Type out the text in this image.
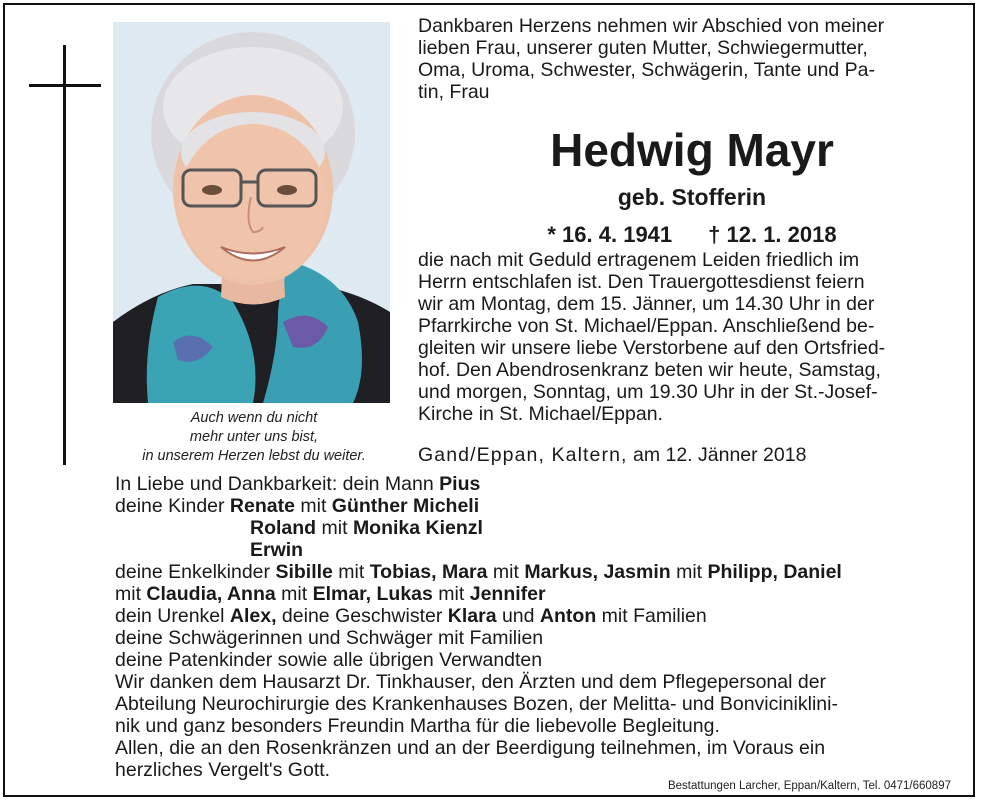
Auch wenn du nicht
mehr unter uns bist,
in unserem Herzen lebst du weiter.
Dankbaren Herzens nehmen wir Abschied von meiner
lieben Frau, unserer guten Mutter, Schwiegermutter,
Oma, Uroma, Schwester, Schwägerin, Tante und Pa-
tin, Frau
Hedwig Mayr
geb. Stofferin
* 16. 4. 1941 † 12. 1. 2018
die nach mit Geduld ertragenem Leiden friedlich im
Herrn entschlafen ist. Den Trauergottesdienst feiern
wir am Montag, dem 15. Jänner, um 14.30 Uhr in der
Pfarrkirche von St. Michael/Eppan. Anschließend be-
gleiten wir unsere liebe Verstorbene auf den Ortsfried-
hof. Den Abendrosenkranz beten wir heute, Samstag,
und morgen, Sonntag, um 19.30 Uhr in der St.-Josef-
Kirche in St. Michael/Eppan.
Gand/Eppan, Kaltern, am 12. Jänner 2018
In Liebe und Dankbarkeit: dein Mann Pius
deine Kinder Renate mit Günther Micheli
Roland mit Monika Kienzl
Erwin
deine Enkelkinder Sibille mit Tobias, Mara mit Markus, Jasmin mit Philipp, Daniel
mit Claudia, Anna mit Elmar, Lukas mit Jennifer
dein Urenkel Alex, deine Geschwister Klara und Anton mit Familien
deine Schwägerinnen und Schwäger mit Familien
deine Patenkinder sowie alle übrigen Verwandten
Wir danken dem Hausarzt Dr. Tinkhauser, den Ärzten und dem Pflegepersonal der
Abteilung Neurochirurgie des Krankenhauses Bozen, der Melitta- und Bonviciniklini-
nik und ganz besonders Freundin Martha für die liebevolle Begleitung.
Allen, die an den Rosenkränzen und an der Beerdigung teilnehmen, im Voraus ein
herzliches Vergelt's Gott.
Bestattungen Larcher, Eppan/Kaltern, Tel. 0471/660897
